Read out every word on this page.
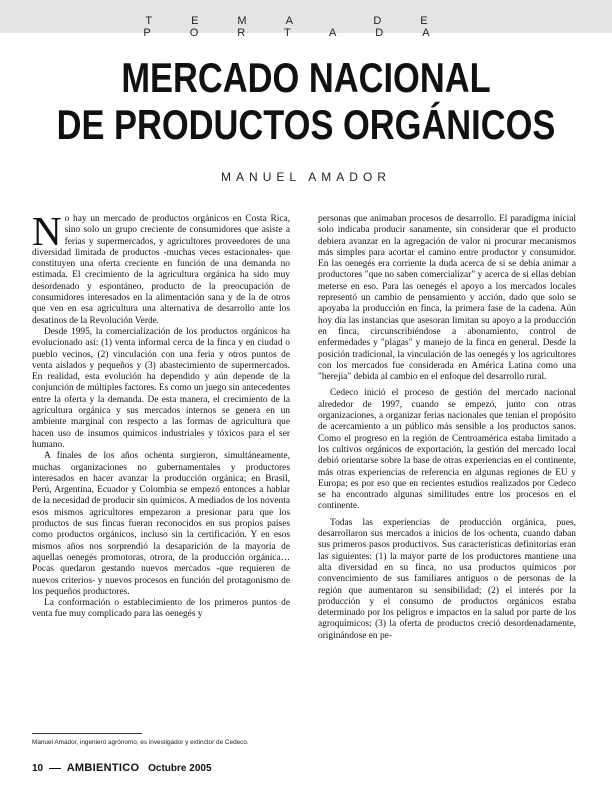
TEMA DE PORTADA
MERCADO NACIONAL
DE PRODUCTOS ORGÁNICOS
MANUEL AMADOR

No hay un mercado de productos orgánicos en Costa Rica, sino solo un grupo creciente de consumidores que asiste a ferias y supermercados, y agricultores proveedores de una diversidad limitada de productos -muchas veces estacionales- que constituyen una oferta creciente en función de una demanda no estimada. El crecimiento de la agricultura orgánica ha sido muy desordenado y espontáneo, producto de la preocupación de consumidores interesados en la alimentación sana y de la de otros que ven en esa agricultura una alternativa de desarrollo ante los desatinos de la Revolución Verde.

Desde 1995, la comercialización de los productos orgánicos ha evolucionado así: (1) venta informal cerca de la finca y en ciudad o pueblo vecinos, (2) vinculación con una feria y otros puntos de venta aislados y pequeños y (3) abastecimiento de supermercados. En realidad, esta evolución ha dependido y aún depende de la conjunción de múltiples factores. Es como un juego sin antecedentes entre la oferta y la demanda. De esta manera, el crecimiento de la agricultura orgánica y sus mercados internos se genera en un ambiente marginal con respecto a las formas de agricultura que hacen uso de insumos químicos industriales y tóxicos para el ser humano.

A finales de los años ochenta surgieron, simultáneamente, muchas organizaciones no gubernamentales y productores interesados en hacer avanzar la producción orgánica; en Brasil, Perú, Argentina, Ecuador y Colombia se empezó entonces a hablar de la necesidad de producir sin químicos. A mediados de los noventa esos mismos agricultores empezaron a presionar para que los productos de sus fincas fueran reconocidos en sus propios países como productos orgánicos, incluso sin la certificación. Y en esos mismos años nos sorprendió la desaparición de la mayoría de aquellas oenegés promotoras, otrora, de la producción orgánica… Pocas quedaron gestando nuevos mercados -que requieren de nuevos criterios- y nuevos procesos en función del protagonismo de los pequeños productores.

La conformación o establecimiento de los primeros puntos de venta fue muy complicado para las oenegés y

personas que animaban procesos de desarrollo. El paradigma inicial solo indicaba producir sanamente, sin considerar que el producto debiera avanzar en la agregación de valor ni procurar mecanismos más simples para acortar el camino entre productor y consumidor. En las oenegés era corriente la duda acerca de si se debía animar a productores "que no saben comercializar" y acerca de si ellas debían meterse en eso. Para las oenegés el apoyo a los mercados locales representó un cambio de pensamiento y acción, dado que solo se apoyaba la producción en finca, la primera fase de la cadena. Aún hoy día las instancias que asesoran limitan su apoyo a la producción en finca, circunscribiéndose a abonamiento, control de enfermedades y "plagas" y manejo de la finca en general. Desde la posición tradicional, la vinculación de las oenegés y los agricultores con los mercados fue considerada en América Latina como una "herejía" debida al cambio en el enfoque del desarrollo rural.

Cedeco inició el proceso de gestión del mercado nacional alrededor de 1997, cuando se empezó, junto con otras organizaciones, a organizar ferias nacionales que tenían el propósito de acercamiento a un público más sensible a los productos sanos. Como el progreso en la región de Centroamérica estaba limitado a los cultivos orgánicos de exportación, la gestión del mercado local debió orientarse sobre la base de otras experiencias en el continente, más otras experiencias de referencia en algunas regiones de EU y Europa; es por eso que en recientes estudios realizados por Cedeco se ha encontrado algunas similitudes entre los procesos en el continente.

Todas las experiencias de producción orgánica, pues, desarrollaron sus mercados a inicios de los ochenta, cuando daban sus primeros pasos productivos. Sus características definitorias eran las siguientes: (1) la mayor parte de los productores mantiene una alta diversidad en su finca, no usa productos químicos por convencimiento de sus familiares antiguos o de personas de la región que aumentaron su sensibilidad; (2) el interés por la producción y el consumo de productos orgánicos estaba determinado por los peligros e impactos en la salud por parte de los agroquímicos; (3) la oferta de productos creció desordenadamente, originándose en pe-

Manuel Amador, ingeniero agrónomo, es investigador y extinctor de Cedeco.
10 AMBIENTICO Octubre 2005
